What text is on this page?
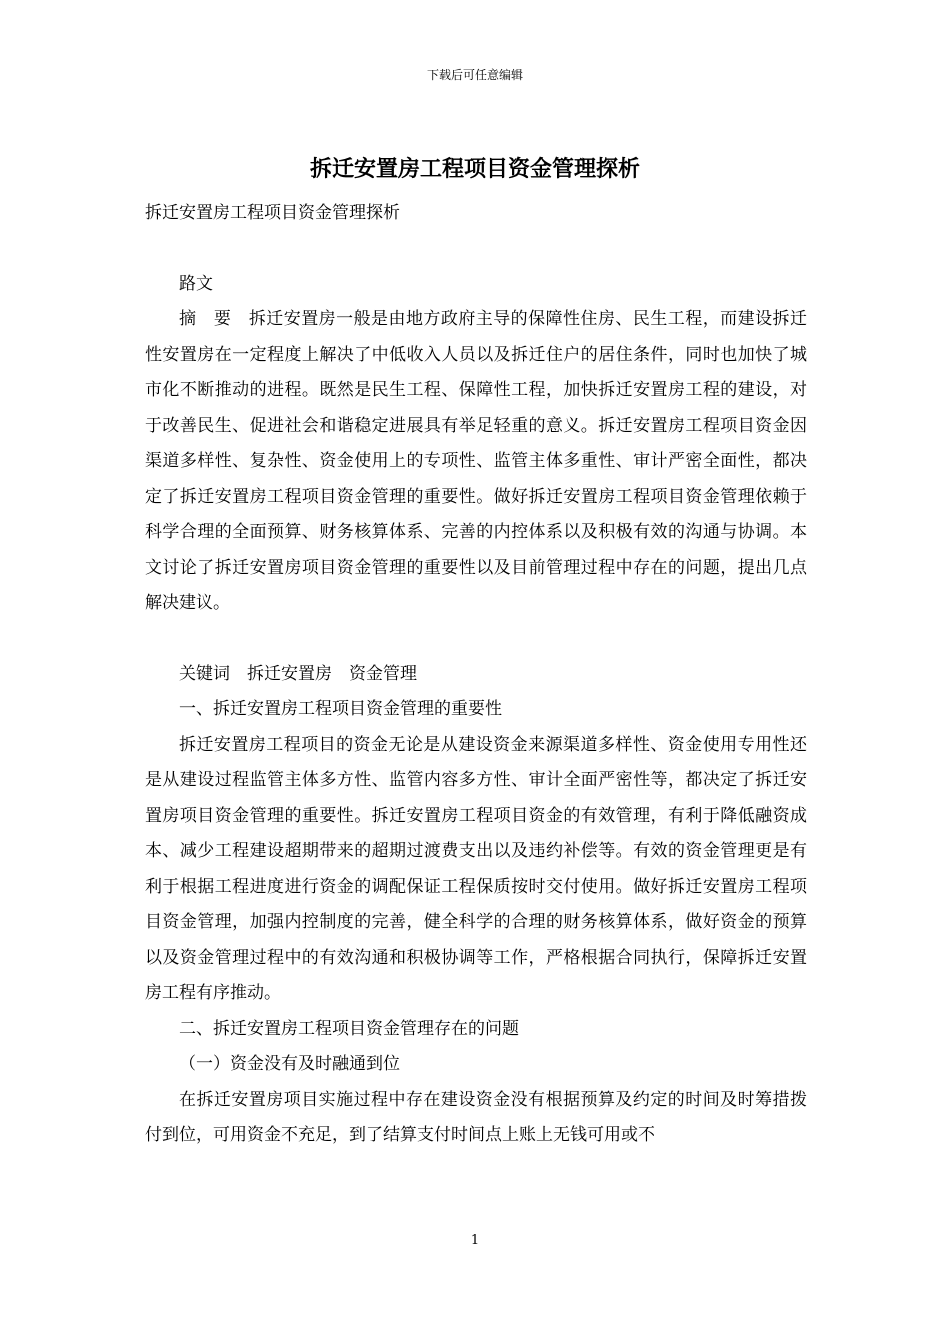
下载后可任意编辑
拆迁安置房工程项目资金管理探析

拆迁安置房工程项目资金管理探析

路文

摘　要　拆迁安置房一般是由地方政府主导的保障性住房、民生工程，而建设拆迁性安置房在一定程度上解决了中低收入人员以及拆迁住户的居住条件，同时也加快了城市化不断推动的进程。既然是民生工程、保障性工程，加快拆迁安置房工程的建设，对于改善民生、促进社会和谐稳定进展具有举足轻重的意义。拆迁安置房工程项目资金因渠道多样性、复杂性、资金使用上的专项性、监管主体多重性、审计严密全面性，都决定了拆迁安置房工程项目资金管理的重要性。做好拆迁安置房工程项目资金管理依赖于科学合理的全面预算、财务核算体系、完善的内控体系以及积极有效的沟通与协调。本文讨论了拆迁安置房项目资金管理的重要性以及目前管理过程中存在的问题，提出几点解决建议。

关键词　拆迁安置房　资金管理

一、拆迁安置房工程项目资金管理的重要性

拆迁安置房工程项目的资金无论是从建设资金来源渠道多样性、资金使用专用性还是从建设过程监管主体多方性、监管内容多方性、审计全面严密性等，都决定了拆迁安置房项目资金管理的重要性。拆迁安置房工程项目资金的有效管理，有利于降低融资成本、减少工程建设超期带来的超期过渡费支出以及违约补偿等。有效的资金管理更是有利于根据工程进度进行资金的调配保证工程保质按时交付使用。做好拆迁安置房工程项目资金管理，加强内控制度的完善，健全科学的合理的财务核算体系，做好资金的预算以及资金管理过程中的有效沟通和积极协调等工作，严格根据合同执行，保障拆迁安置房工程有序推动。

二、拆迁安置房工程项目资金管理存在的问题

（一）资金没有及时融通到位

在拆迁安置房项目实施过程中存在建设资金没有根据预算及约定的时间及时筹措拨付到位，可用资金不充足，到了结算支付时间点上账上无钱可用或不

1
